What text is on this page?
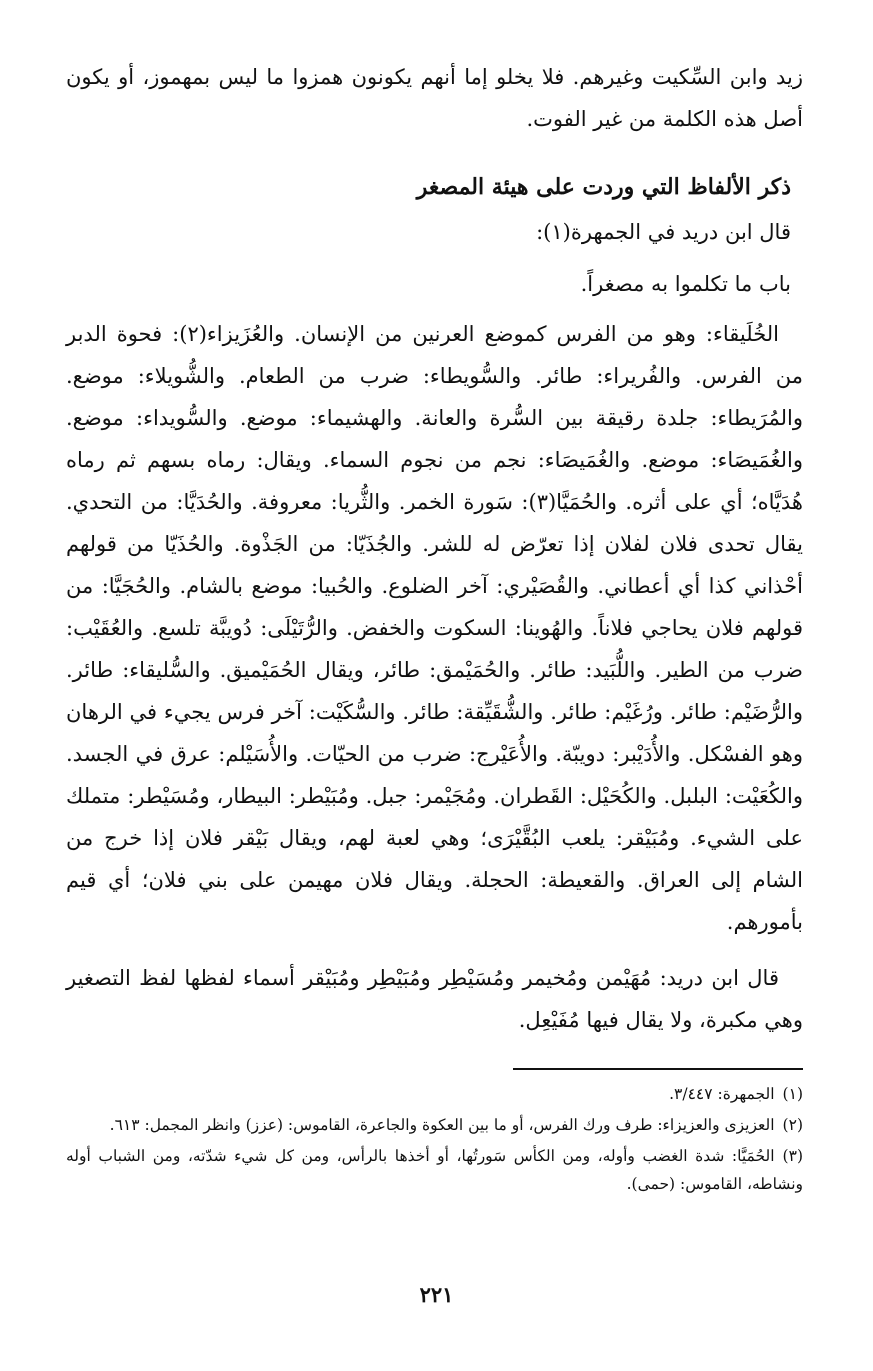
زيد وابن السِّكيت وغيرهم. فلا يخلو إما أنهم يكونون همزوا ما ليس بمهموز، أو يكون أصل هذه الكلمة من غير الفوت.

ذكر الألفاظ التي وردت على هيئة المصغر

قال ابن دريد في الجمهرة(١):

باب ما تكلموا به مصغراً.

الخُلَيقاء: وهو من الفرس كموضع العرنين من الإنسان. والعُزَيزاء(٢): فحوة الدبر من الفرس. والفُريراء: طائر. والسُّويطاء: ضرب من الطعام. والشُّويلاء: موضع. والمُرَيطاء: جلدة رقيقة بين السُّرة والعانة. والهشيماء: موضع. والسُّويداء: موضع. والغُمَيصَاء: موضع. والغُمَيصَاء: نجم من نجوم السماء. ويقال: رماه بسهم ثم رماه هُدَيَّاه؛ أي على أثره. والحُمَيَّا(٣): سَورة الخمر. والثُّريا: معروفة. والحُدَيَّا: من التحدي. يقال تحدى فلان لفلان إذا تعرّض له للشر. والجُذَيّا: من الجَذْوة. والحُذَيّا من قولهم أحْذاني كذا أي أعطاني. والقُصَيْري: آخر الضلوع. والحُبيا: موضع بالشام. والحُجَيَّا: من قولهم فلان يحاجي فلاناً. والهُوينا: السكوت والخفض. والرُّتَيْلَى: دُويبَّة تلسع. والعُقَيْب: ضرب من الطير. واللُّبَيد: طائر. والحُمَيْمق: طائر، ويقال الحُمَيْميق. والسُّليقاء: طائر. والرُّضَيْم: طائر. ورُغَيْم: طائر. والشُّقَيِّقة: طائر. والسُّكَيْت: آخر فرس يجيء في الرهان وهو الفسْكل. والأُدَيْبر: دويبّة. والأُعَيْرج: ضرب من الحيّات. والأُسَيْلم: عرق في الجسد. والكُعَيْت: البلبل. والكُحَيْل: القَطران. ومُجَيْمر: جبل. ومُبَيْطر: البيطار، ومُسَيْطر: متملك على الشيء. ومُبَيْقر: يلعب البُقَّيْرَى؛ وهي لعبة لهم، ويقال بَيْقر فلان إذا خرج من الشام إلى العراق. والقعيطة: الحجلة. ويقال فلان مهيمن على بني فلان؛ أي قيم بأمورهم.

قال ابن دريد: مُهَيْمن ومُخيمر ومُسَيْطِر ومُبَيْطِر ومُبَيْقر أسماء لفظها لفظ التصغير وهي مكبرة، ولا يقال فيها مُفَيْعِل.

(١)الجمهرة: ٣/٤٤٧.

(٢)العزيزى والعزيزاء: طرف ورك الفرس، أو ما بين العكوة والجاعرة، القاموس: (عزز) وانظر المجمل: ٦١٣.

(٣)الحُمَيَّا: شدة الغضب وأوله، ومن الكأس سَورتُها، أو أخذها بالرأس، ومن كل شيء شدّته، ومن الشباب أوله ونشاطه، القاموس: (حمى).

٢٢١
